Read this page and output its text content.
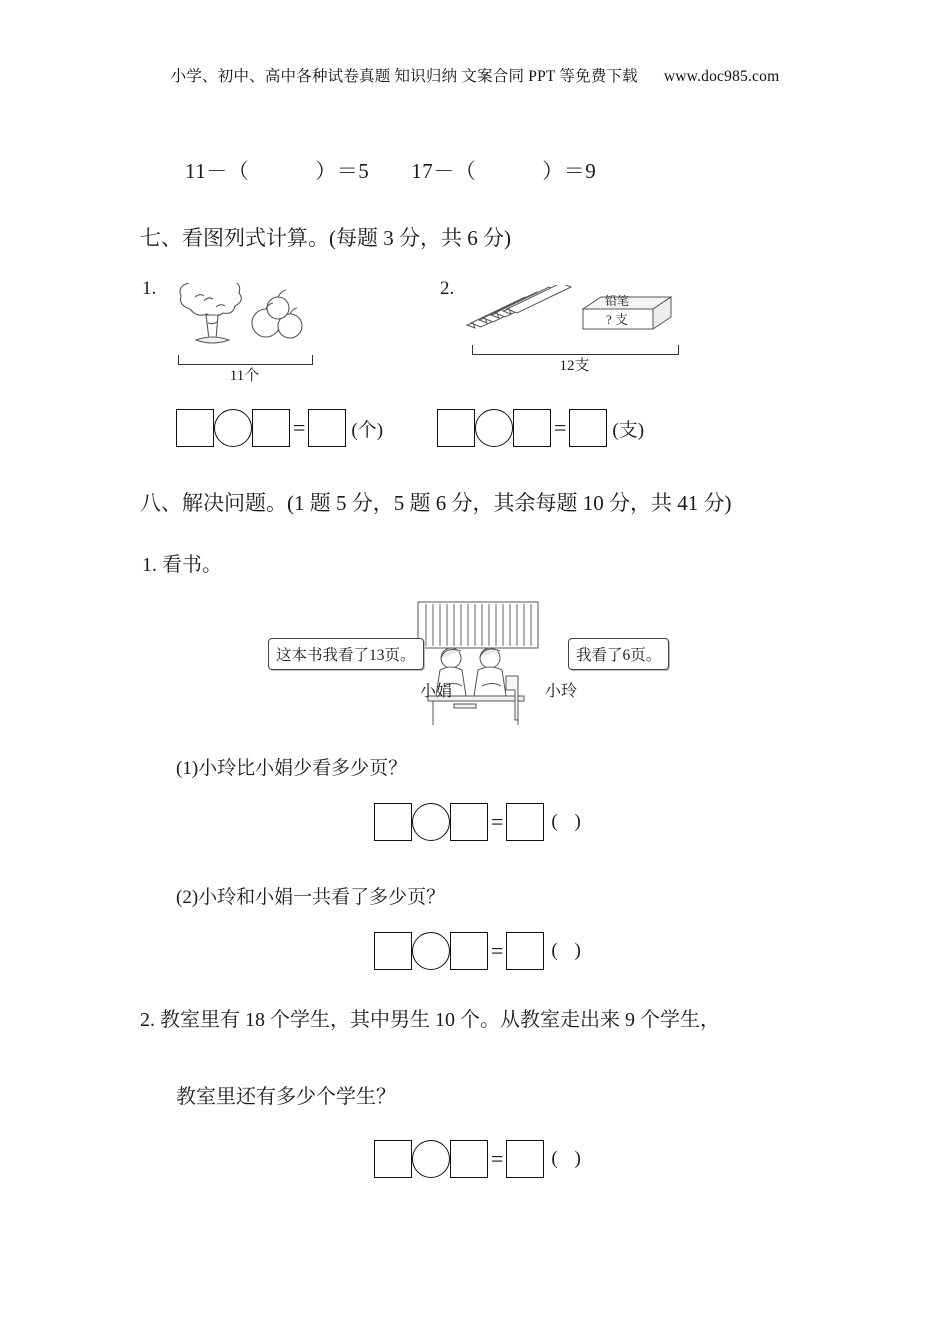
小学、初中、高中各种试卷真题 知识归纳 文案合同 PPT 等免费下载 www.doc985.com
11－（	）＝5 17－（	）＝9
七、看图列式计算。(每题 3 分，共 6 分)
1.	2.
11个
铅笔
? 支
12支
= (个)	= (支)
八、解决问题。(1 题 5 分，5 题 6 分，其余每题 10 分，共 41 分)
1. 看书。
这本书我看了13页。	我看了6页。
小娟	小玲
(1)小玲比小娟少看多少页？
=	( )
(2)小玲和小娟一共看了多少页？
=	( )
2. 教室里有 18 个学生，其中男生 10 个。从教室走出来 9 个学生，
教室里还有多少个学生？
=	( )
